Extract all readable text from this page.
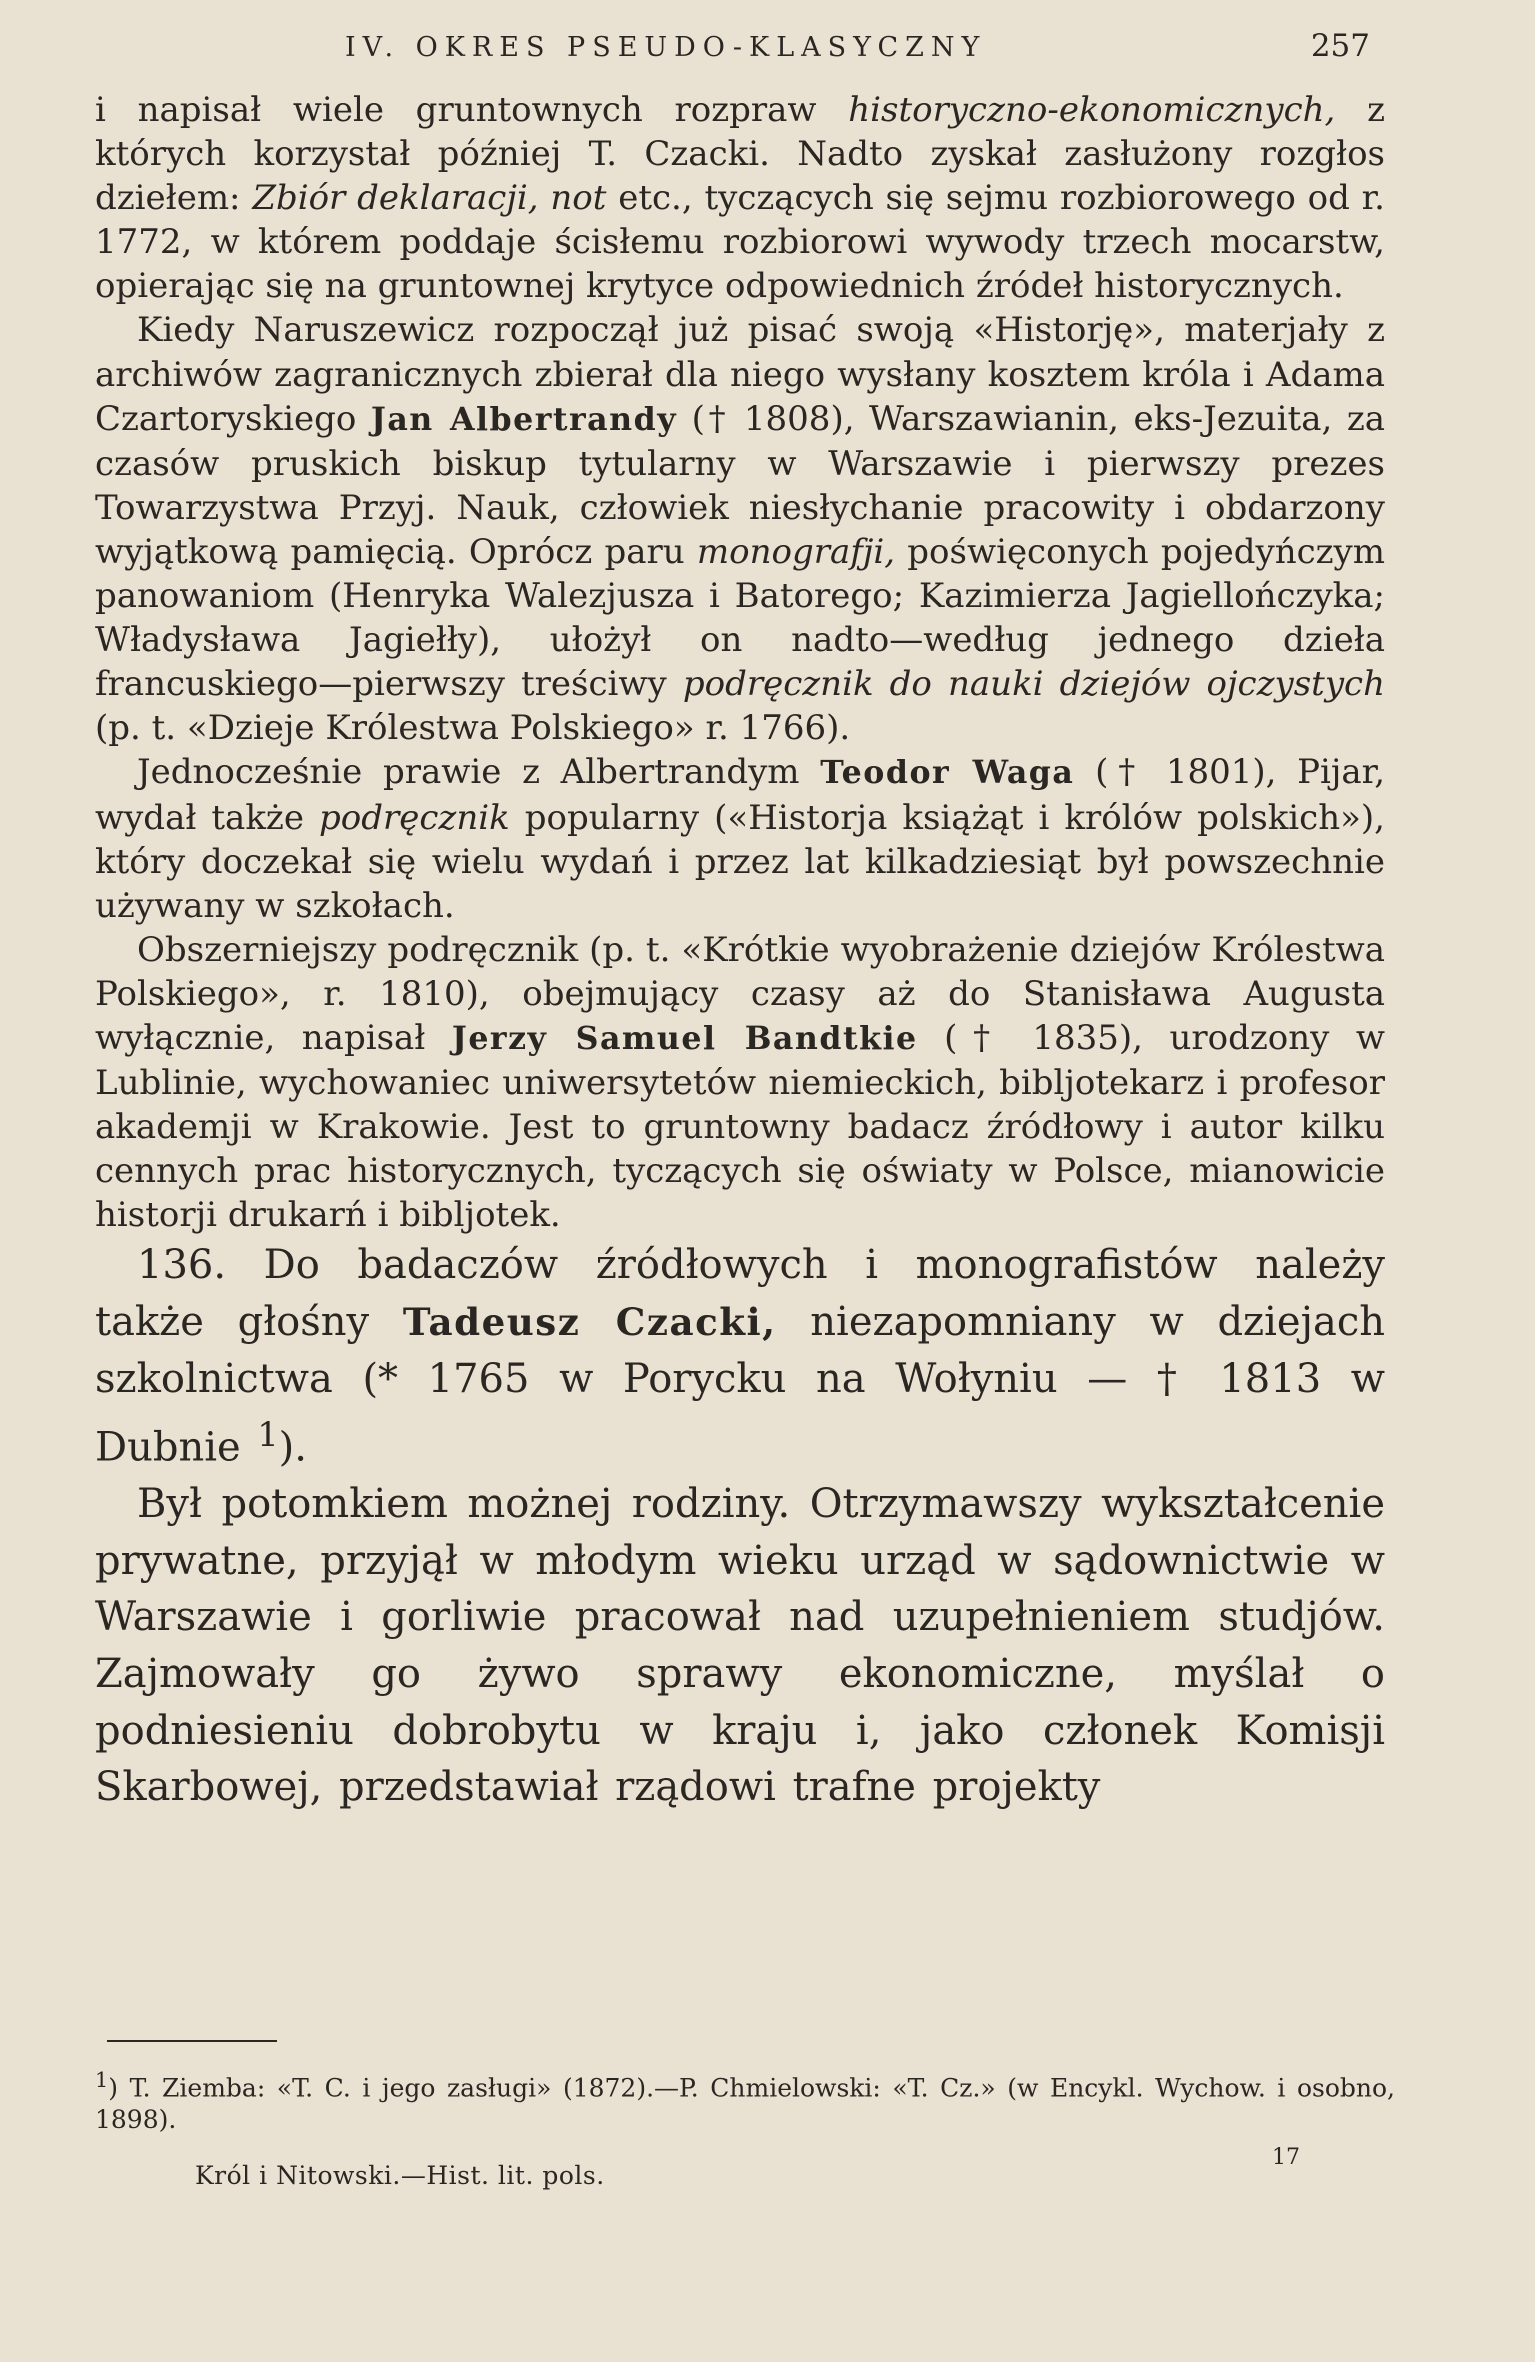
IV. OKRES PSEUDO-KLASYCZNY	257

i napisał wiele gruntownych rozpraw historyczno-ekonomicznych, z których korzystał później T. Czacki. Nadto zyskał zasłużony rozgłos dziełem: Zbiór deklaracji, not etc., tyczących się sejmu rozbiorowego od r. 1772, w którem poddaje ścisłemu rozbiorowi wywody trzech mocarstw, opierając się na gruntownej krytyce odpowiednich źródeł historycznych.

Kiedy Naruszewicz rozpoczął już pisać swoją «Historję», materjały z archiwów zagranicznych zbierał dla niego wysłany kosztem króla i Adama Czartoryskiego Jan Albertrandy († 1808), Warszawianin, eks-Jezuita, za czasów pruskich biskup tytularny w Warszawie i pierwszy prezes Towarzystwa Przyj. Nauk, człowiek niesłychanie pracowity i obdarzony wyjątkową pamięcią. Oprócz paru monografji, poświęconych pojedyńczym panowaniom (Henryka Walezjusza i Batorego; Kazimierza Jagiellończyka; Władysława Jagiełły), ułożył on nadto—według jednego dzieła francuskiego—pierwszy treściwy podręcznik do nauki dziejów ojczystych (p. t. «Dzieje Królestwa Polskiego» r. 1766).

Jednocześnie prawie z Albertrandym Teodor Waga († 1801), Pijar, wydał także podręcznik popularny («Historja książąt i królów polskich»), który doczekał się wielu wydań i przez lat kilkadziesiąt był powszechnie używany w szkołach.

Obszerniejszy podręcznik (p. t. «Krótkie wyobrażenie dziejów Królestwa Polskiego», r. 1810), obejmujący czasy aż do Stanisława Augusta wyłącznie, napisał Jerzy Samuel Bandtkie († 1835), urodzony w Lublinie, wychowaniec uniwersytetów niemieckich, bibljotekarz i profesor akademji w Krakowie. Jest to gruntowny badacz źródłowy i autor kilku cennych prac historycznych, tyczących się oświaty w Polsce, mianowicie historji drukarń i bibljotek.

136. Do badaczów źródłowych i monografistów należy także głośny Tadeusz Czacki, niezapomniany w dziejach szkolnictwa (* 1765 w Porycku na Wołyniu — † 1813 w Dubnie $^1$).

Był potomkiem możnej rodziny. Otrzymawszy wykształcenie prywatne, przyjął w młodym wieku urząd w sądownictwie w Warszawie i gorliwie pracował nad uzupełnieniem studjów. Zajmowały go żywo sprawy ekonomiczne, myślał o podniesieniu dobrobytu w kraju i, jako członek Komisji Skarbowej, przedstawiał rządowi trafne projekty

$^1$) T. Ziemba: «T. C. i jego zasługi» (1872).—P. Chmielowski: «T. Cz.» (w Encykl. Wychow. i osobno, 1898).
Król i Nitowski.—Hist. lit. pols.
17
